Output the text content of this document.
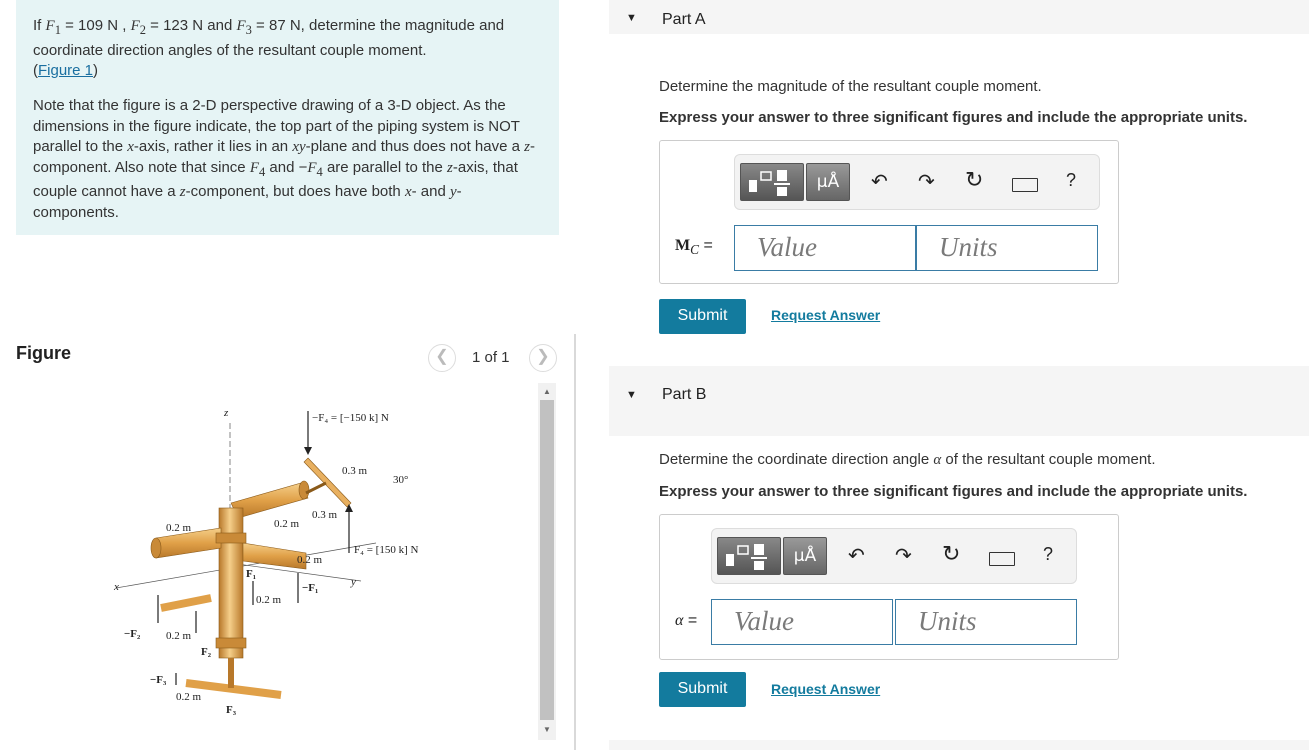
If $F_1 = 109$ N , $F_2 = 123$ N and $F_3 = 87$ N, determine the magnitude and coordinate direction angles of the resultant couple moment.
(Figure 1)
Note that the figure is a 2-D perspective drawing of a 3-D object. As the dimensions in the figure indicate, the top part of the piping system is NOT parallel to the x-axis, rather it lies in an xy-plane and thus does not have a z-component. Also note that since $F_4$ and $-F_4$ are parallel to the z-axis, that couple cannot have a z-component, but does have both x- and y-components.
Figure	❮	1 of 1	❯
z
x	y
−F₄ = [−150 k] N
F₄ = [150 k] N
0.3 m
30°
0.3 m
0.2 m	0.2 m
0.2 m
0.2 m
0.2 m
0.2 m
F₁
−F₁
−F₂
F₂
−F₃
F₃
▲
▼
▼ Part A
Determine the magnitude of the resultant couple moment.
Express your answer to three significant figures and include the appropriate units.
μÅ	↶ ↷ ↻	?
$M_C$ =	Value	Units
Submit	Request Answer
▼ Part B
Determine the coordinate direction angle α of the resultant couple moment.
Express your answer to three significant figures and include the appropriate units.
μÅ	↶ ↷ ↻	?
α =	Value	Units
Submit	Request Answer
